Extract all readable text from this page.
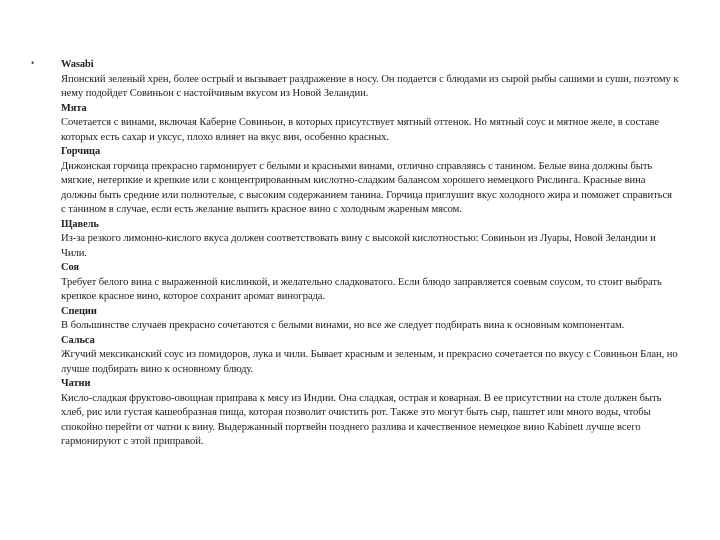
•	Wasabi

Японский зеленый хрен, более острый и вызывает раздражение в носу. Он подается с блюдами из сырой рыбы сашими и суши, поэтому к нему подойдет Совиньон с настойчивым вкусом из Новой Зеландии.

Мята

Сочетается с винами, включая Каберне Совиньон, в которых присутствует мятный оттенок. Но мятный соус и мятное желе, в составе которых есть сахар и уксус, плохо влияет на вкус вин, особенно красных.

Горчица

Дижонская горчица прекрасно гармонирует с белыми и красными винами, отлично справляясь с танином. Белые вина должны быть мягкие, нетерпкие и крепкие или с концентрированным кислотно-сладким балансом хорошего немецкого Рислинга. Красные вина должны быть средние или полнотелые, с высоким содержанием танина. Горчица приглушит вкус холодного жира и поможет справиться с танином в случае, если есть желание выпить красное вино с холодным жареным мясом.

Щавель

Из-за резкого лимонно-кислого вкуса должен соответствовать вину с высокой кислотностью: Совиньон из Луары, Новой Зеландии и Чили.

Соя

Требует белого вина с выраженной кислинкой, и желательно сладковатого. Если блюдо заправляется соевым соусом, то стоит выбрать крепкое красное вино, которое сохранит аромат винограда.

Специи

В большинстве случаев прекрасно сочетаются с белыми винами, но все же следует подбирать вина к основным компонентам.

Сальса

Жгучий мексиканский соус из помидоров, лука и чили. Бывает красным и зеленым, и прекрасно сочетается по вкусу с Совиньон Блан, но лучше подбирать вино к основному блюду.

Чатни

Кисло-сладкая фруктово-овощная приправа к мясу из Индии. Она сладкая, острая и коварная. В ее присутствии на столе должен быть хлеб, рис или густая кашеобразная пища, которая позволит очистить рот. Также это могут быть сыр, паштет или много воды, чтобы спокойно перейти от чатни к вину. Выдержанный портвейн позднего разлива и качественное немецкое вино Kabinett лучше всего гармонируют с этой приправой.
